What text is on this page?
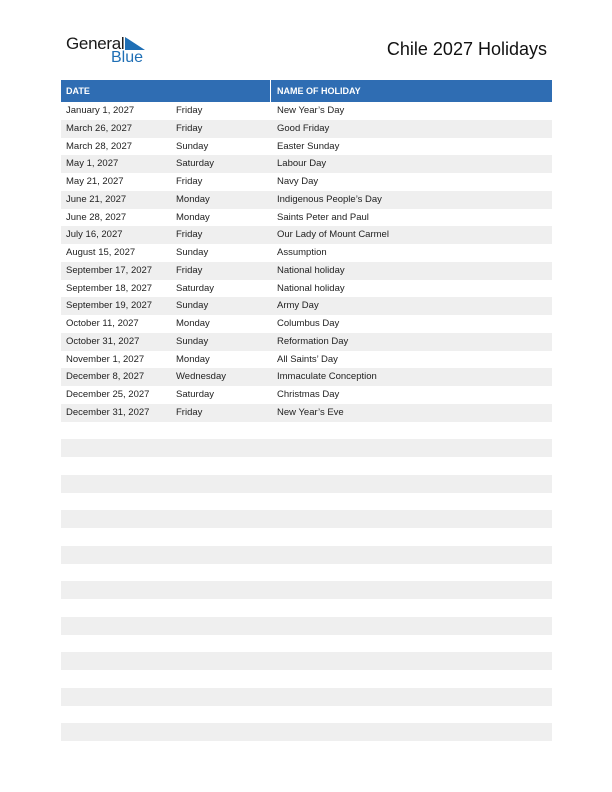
General
Blue	Chile 2027 Holidays
DATE	NAME OF HOLIDAY
January 1, 2027	Friday	New Year’s Day
March 26, 2027	Friday	Good Friday
March 28, 2027	Sunday	Easter Sunday
May 1, 2027	Saturday	Labour Day
May 21, 2027	Friday	Navy Day
June 21, 2027	Monday	Indigenous People’s Day
June 28, 2027	Monday	Saints Peter and Paul
July 16, 2027	Friday	Our Lady of Mount Carmel
August 15, 2027	Sunday	Assumption
September 17, 2027	Friday	National holiday
September 18, 2027	Saturday	National holiday
September 19, 2027	Sunday	Army Day
October 11, 2027	Monday	Columbus Day
October 31, 2027	Sunday	Reformation Day
November 1, 2027	Monday	All Saints’ Day
December 8, 2027	Wednesday	Immaculate Conception
December 25, 2027	Saturday	Christmas Day
December 31, 2027	Friday	New Year’s Eve
